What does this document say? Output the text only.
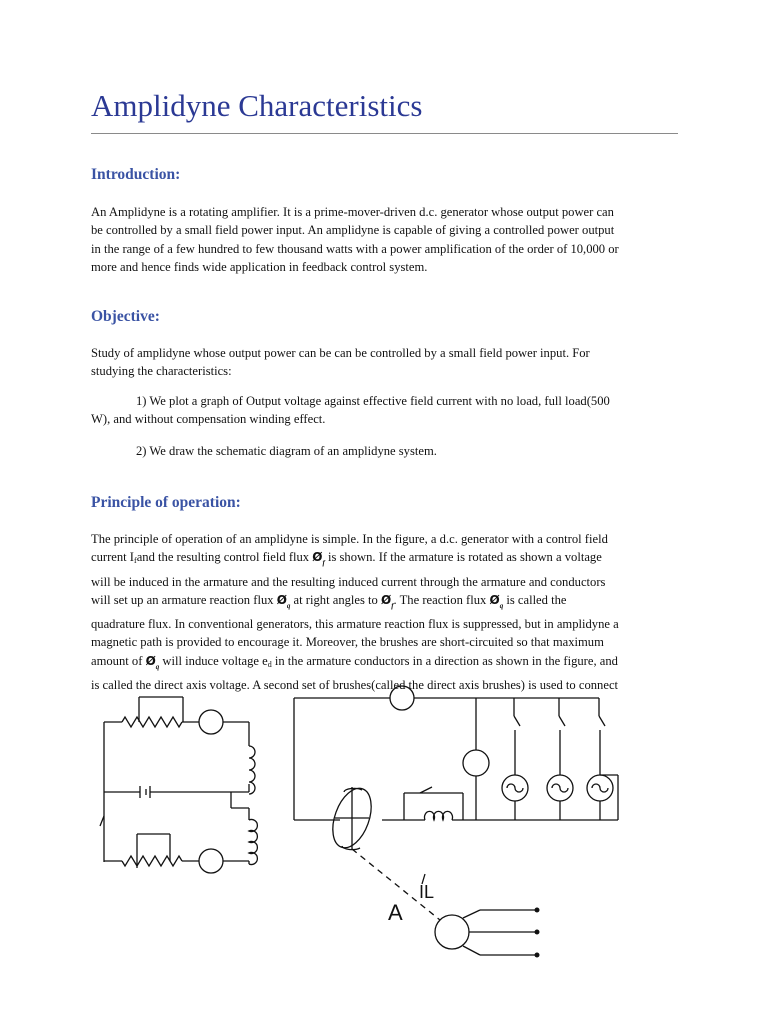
Amplidyne Characteristics
Introduction:
An Amplidyne is a rotating amplifier. It is a prime-mover-driven d.c. generator whose output power can
be controlled by a small field power input. An amplidyne is capable of giving a controlled power output
in the range of a few hundred to few thousand watts with a power amplification of the order of 10,000 or
more and hence finds wide application in feedback control system.
Objective:
Study of amplidyne whose output power can be can be controlled by a small field power input. For
studying the characteristics:
1) We plot a graph of Output voltage against effective field current with no load, full load(500
W), and without compensation winding effect.
2) We draw the schematic diagram of an amplidyne system.
Principle of operation:
The principle of operation of an amplidyne is simple. In the figure, a d.c. generator with a control field
current $I_fand$ the resulting control field flux $Ø_f$ is shown. If the armature is rotated as shown a voltage
will be induced in the armature and the resulting induced current through the armature and conductors
will set up an armature reaction flux $Ø_q$ at right angles to $Ø_f$. The reaction flux $Ø_q$ is called the
quadrature flux. In conventional generators, this armature reaction flux is suppressed, but in amplidyne a
magnetic path is provided to encourage it. Moreover, the brushes are short-circuited so that maximum
amount of $Ø_q$ will induce voltage $e_d$ in the armature conductors in a direction as shown in the figure, and
is called the direct axis voltage. A second set of brushes(called the direct axis brushes) is used to connect
A
IL
